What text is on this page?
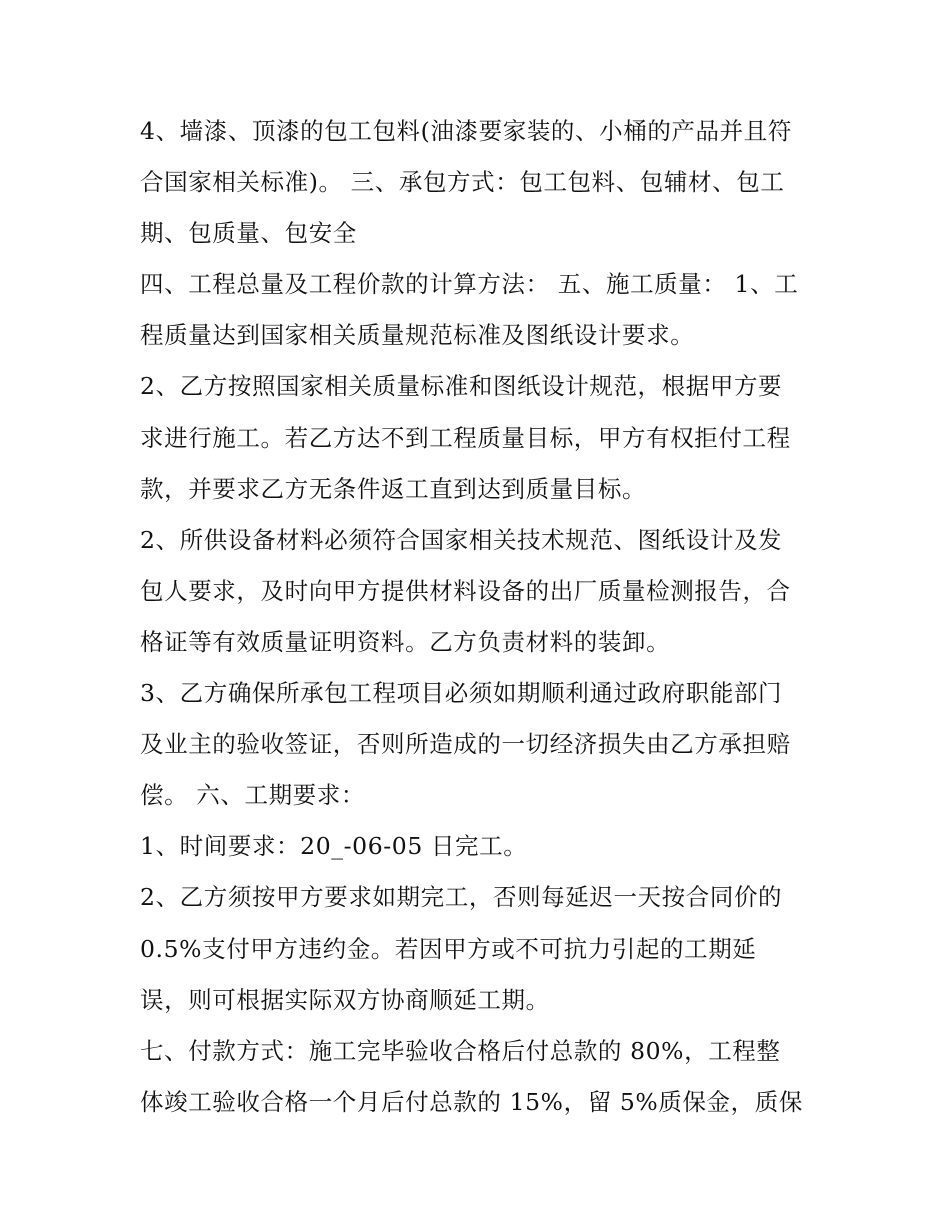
4、墙漆、顶漆的包工包料(油漆要家装的、小桶的产品并且符

合国家相关标准)。 三、承包方式：包工包料、包辅材、包工

期、包质量、包安全

四、工程总量及工程价款的计算方法： 五、施工质量： 1、工

程质量达到国家相关质量规范标准及图纸设计要求。

2、乙方按照国家相关质量标准和图纸设计规范，根据甲方要

求进行施工。若乙方达不到工程质量目标，甲方有权拒付工程

款，并要求乙方无条件返工直到达到质量目标。

2、所供设备材料必须符合国家相关技术规范、图纸设计及发

包人要求，及时向甲方提供材料设备的出厂质量检测报告，合

格证等有效质量证明资料。乙方负责材料的装卸。

3、乙方确保所承包工程项目必须如期顺利通过政府职能部门

及业主的验收签证，否则所造成的一切经济损失由乙方承担赔

偿。 六、工期要求：

1、时间要求：20_-06-05 日完工。

2、乙方须按甲方要求如期完工，否则每延迟一天按合同价的

0.5%支付甲方违约金。若因甲方或不可抗力引起的工期延

误，则可根据实际双方协商顺延工期。

七、付款方式：施工完毕验收合格后付总款的 80%，工程整

体竣工验收合格一个月后付总款的 15%，留 5%质保金，质保
